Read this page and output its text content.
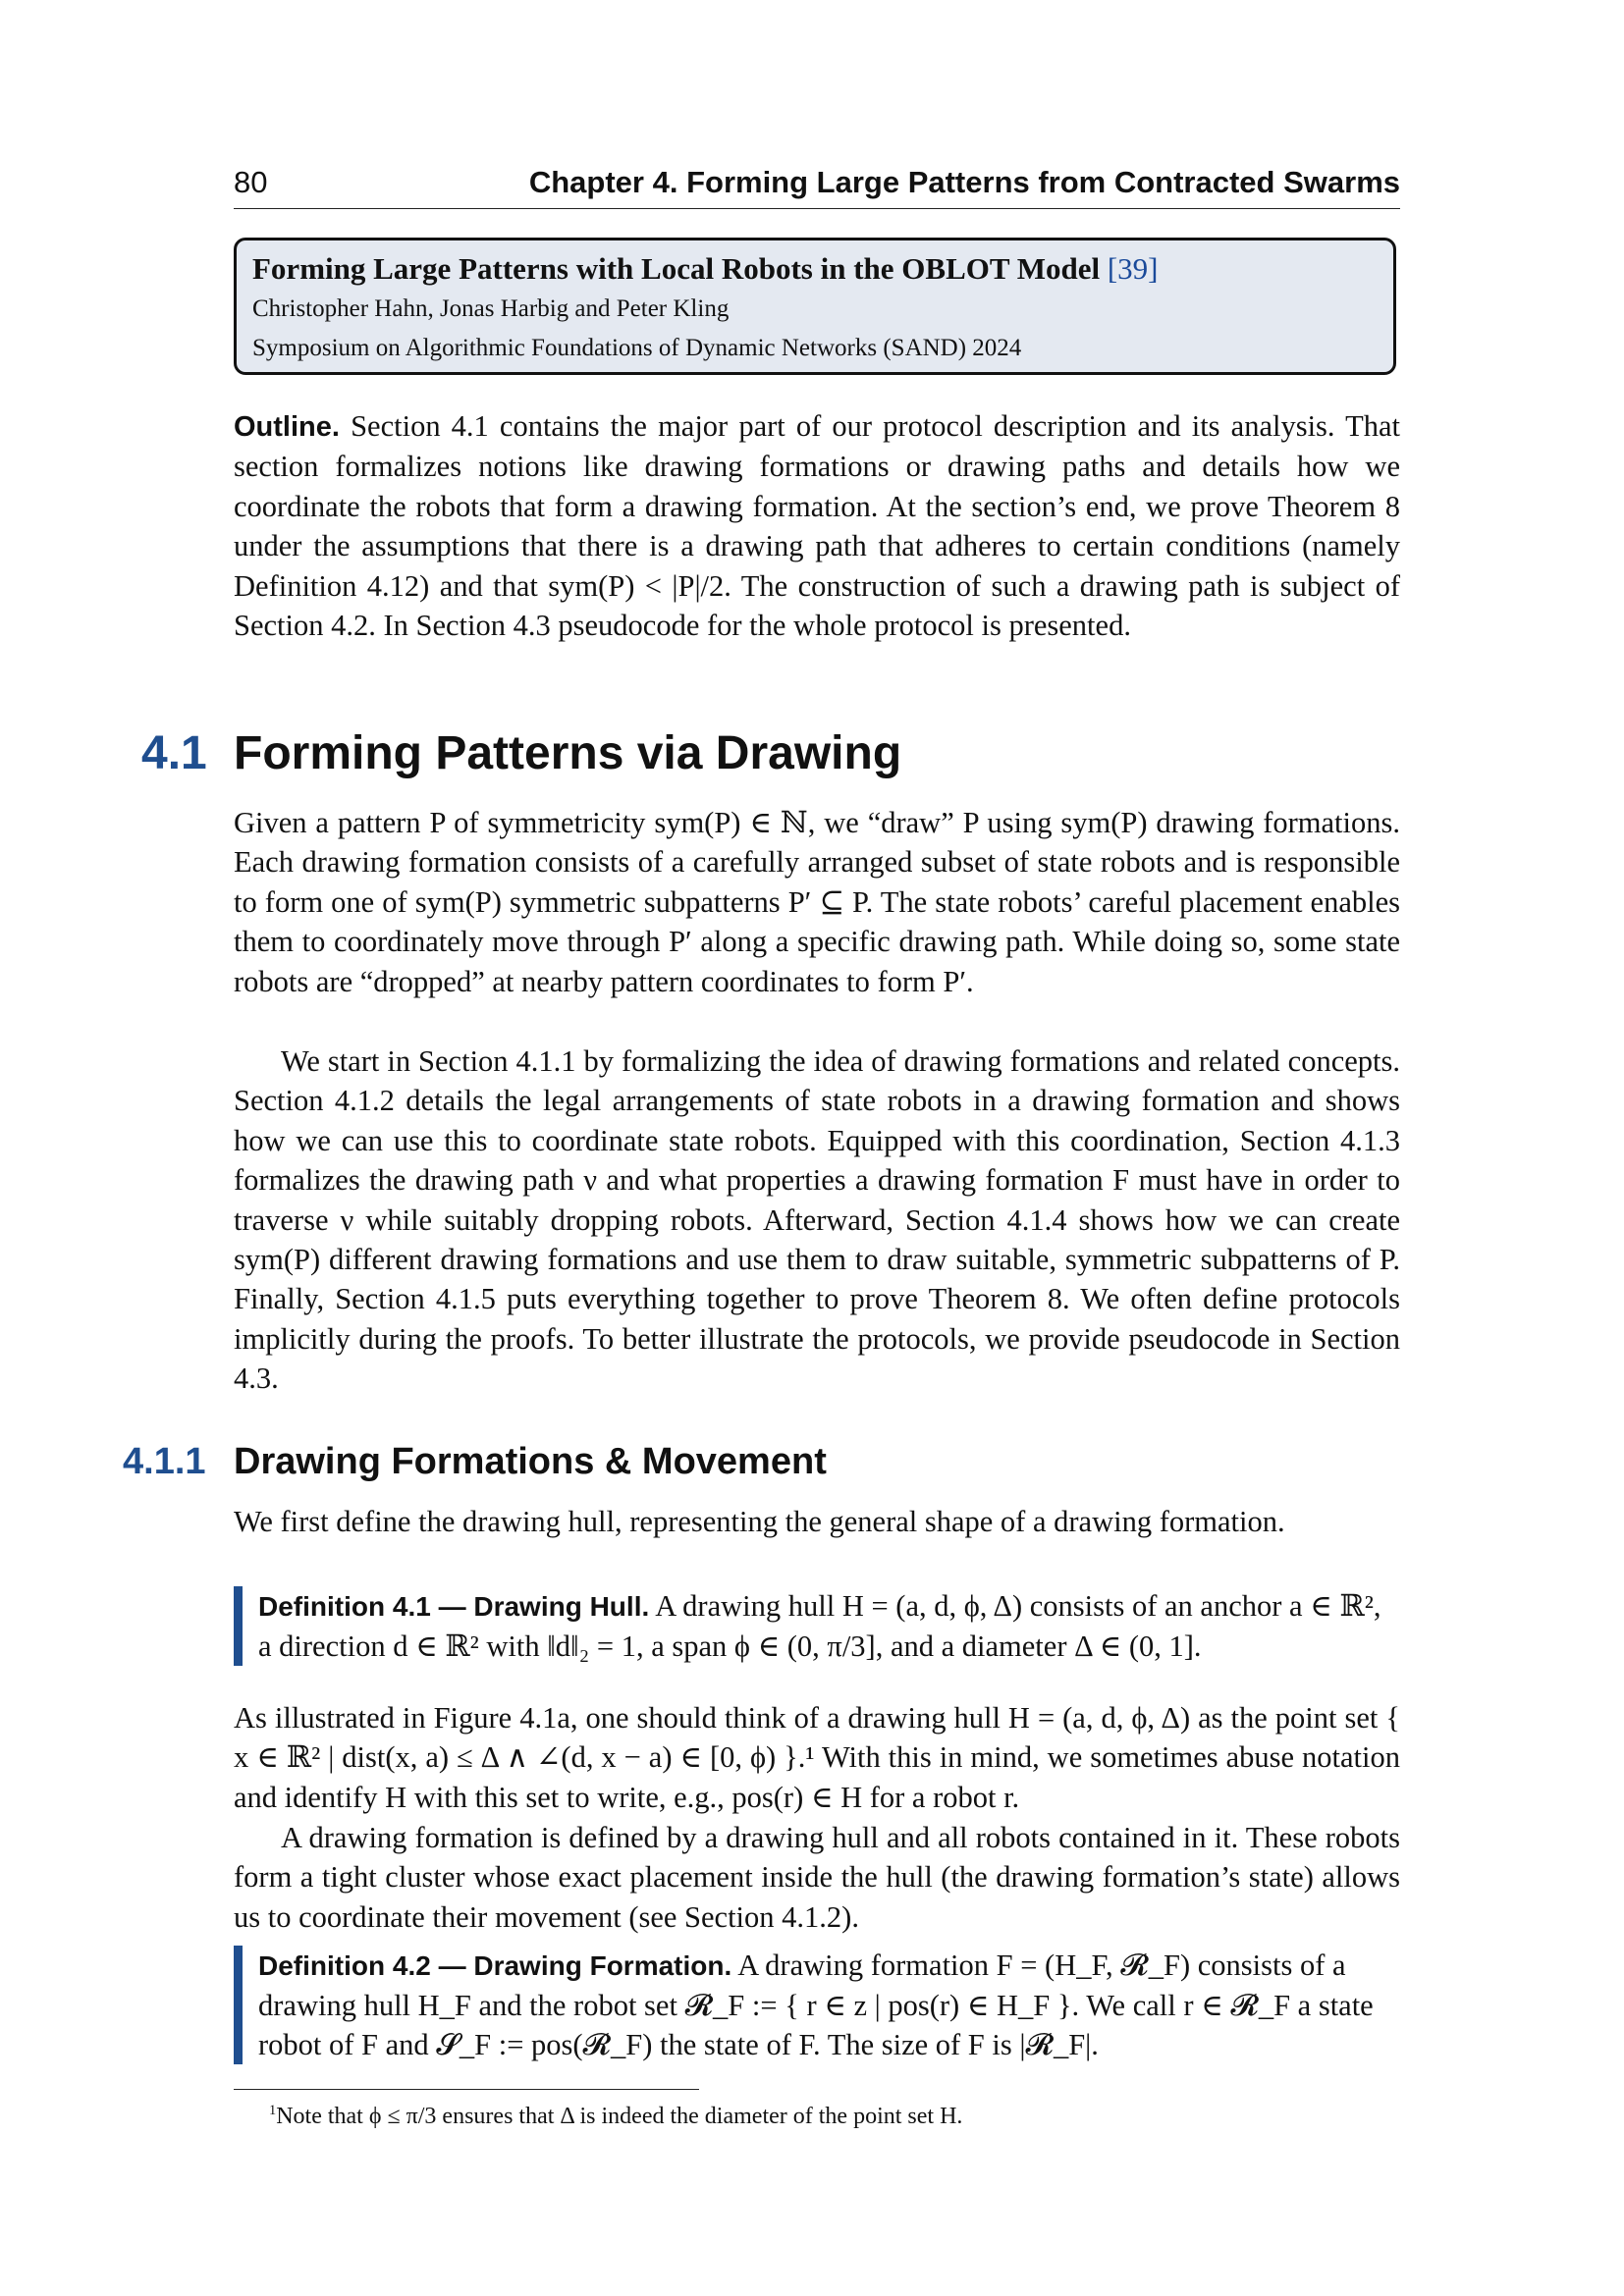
80	Chapter 4. Forming Large Patterns from Contracted Swarms
Forming Large Patterns with Local Robots in the OBLOT Model [39]
Christopher Hahn, Jonas Harbig and Peter Kling
Symposium on Algorithmic Foundations of Dynamic Networks (SAND) 2024
Outline. Section 4.1 contains the major part of our protocol description and its analysis. That section formalizes notions like drawing formations or drawing paths and details how we coordinate the robots that form a drawing formation. At the section’s end, we prove Theorem 8 under the assumptions that there is a drawing path that adheres to certain conditions (namely Definition 4.12) and that sym(P) < |P|/2. The construction of such a drawing path is subject of Section 4.2. In Section 4.3 pseudocode for the whole protocol is presented.
4.1 Forming Patterns via Drawing
Given a pattern P of symmetricity sym(P) ∈ ℕ, we “draw” P using sym(P) drawing formations. Each drawing formation consists of a carefully arranged subset of state robots and is responsible to form one of sym(P) symmetric subpatterns P′ ⊆ P. The state robots’ careful placement enables them to coordinately move through P′ along a specific drawing path. While doing so, some state robots are “dropped” at nearby pattern coordinates to form P′.
We start in Section 4.1.1 by formalizing the idea of drawing formations and related concepts. Section 4.1.2 details the legal arrangements of state robots in a drawing formation and shows how we can use this to coordinate state robots. Equipped with this coordination, Section 4.1.3 formalizes the drawing path ν and what properties a drawing formation F must have in order to traverse ν while suitably dropping robots. Afterward, Section 4.1.4 shows how we can create sym(P) different drawing formations and use them to draw suitable, symmetric subpatterns of P. Finally, Section 4.1.5 puts everything together to prove Theorem 8. We often define protocols implicitly during the proofs. To better illustrate the protocols, we provide pseudocode in Section 4.3.
4.1.1 Drawing Formations & Movement
We first define the drawing hull, representing the general shape of a drawing formation.
Definition 4.1 — Drawing Hull. A drawing hull H = (a, d, ϕ, Δ) consists of an anchor a ∈ ℝ², a direction d ∈ ℝ² with ‖d‖₂ = 1, a span ϕ ∈ (0, π/3], and a diameter Δ ∈ (0, 1].
As illustrated in Figure 4.1a, one should think of a drawing hull H = (a, d, ϕ, Δ) as the point set { x ∈ ℝ² | dist(x, a) ≤ Δ ∧ ∠(d, x − a) ∈ [0, ϕ) }.¹ With this in mind, we sometimes abuse notation and identify H with this set to write, e.g., pos(r) ∈ H for a robot r.
A drawing formation is defined by a drawing hull and all robots contained in it. These robots form a tight cluster whose exact placement inside the hull (the drawing formation’s state) allows us to coordinate their movement (see Section 4.1.2).
Definition 4.2 — Drawing Formation. A drawing formation F = (H_F, 𝓡_F) consists of a drawing hull H_F and the robot set 𝓡_F := { r ∈ z | pos(r) ∈ H_F }. We call r ∈ 𝓡_F a state robot of F and 𝓢_F := pos(𝓡_F) the state of F. The size of F is |𝓡_F|.
$^1$Note that ϕ ≤ π/3 ensures that Δ is indeed the diameter of the point set H.
